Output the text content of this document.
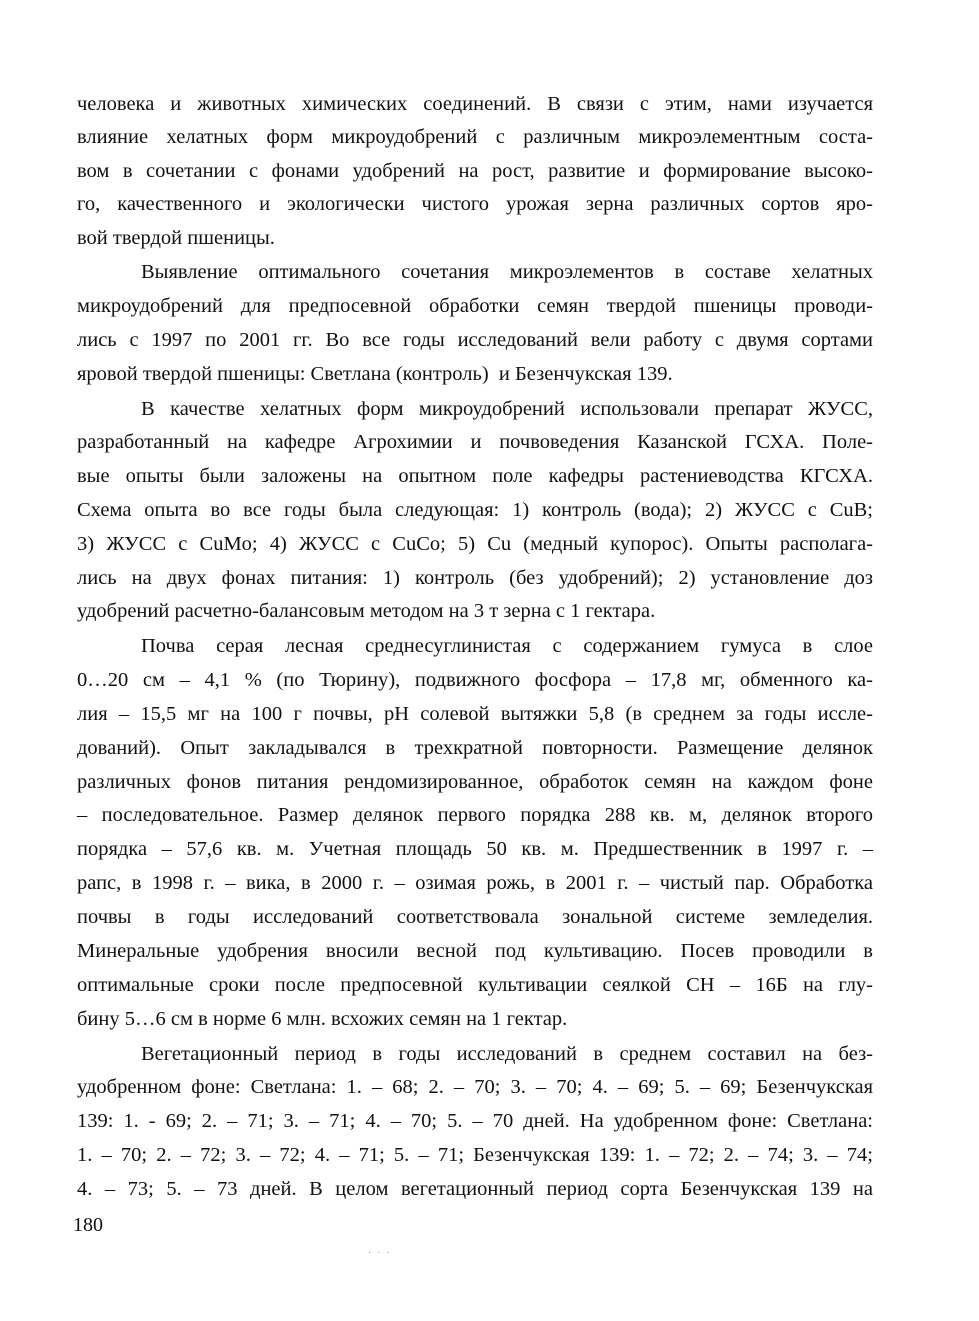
человека и животных химических соединений. В связи с этим, нами изучается

влияние хелатных форм микроудобрений с различным микроэлементным соста-

вом в сочетании с фонами удобрений на рост, развитие и формирование высоко-

го, качественного и экологически чистого урожая зерна различных сортов яро-

вой твердой пшеницы.

Выявление оптимального сочетания микроэлементов в составе хелатных

микроудобрений для предпосевной обработки семян твердой пшеницы проводи-

лись с 1997 по 2001 гг. Во все годы исследований вели работу с двумя сортами

яровой твердой пшеницы: Светлана (контроль)  и Безенчукская 139.

В качестве хелатных форм микроудобрений использовали препарат ЖУСС,

разработанный на кафедре Агрохимии и почвоведения Казанской ГСХА. Поле-

вые опыты были заложены на опытном поле кафедры растениеводства КГСХА.

Схема опыта во все годы была следующая: 1) контроль (вода); 2) ЖУСС с CuB;

3) ЖУСС с CuMo; 4) ЖУСС с CuCo; 5) Cu (медный купорос). Опыты располага-

лись на двух фонах питания: 1) контроль (без удобрений); 2) установление доз

удобрений расчетно-балансовым методом на 3 т зерна с 1 гектара.

Почва серая лесная среднесуглинистая с содержанием гумуса в слое

0…20 см – 4,1 % (по Тюрину), подвижного фосфора – 17,8 мг, обменного ка-

лия – 15,5 мг на 100 г почвы, pH солевой вытяжки 5,8 (в среднем за годы иссле-

дований). Опыт закладывался в трехкратной повторности. Размещение делянок

различных фонов питания рендомизированное, обработок семян на каждом фоне

– последовательное. Размер делянок первого порядка 288 кв. м, делянок второго

порядка – 57,6 кв. м. Учетная площадь 50 кв. м. Предшественник в 1997 г. –

рапс, в 1998 г. – вика, в 2000 г. – озимая рожь, в 2001 г. – чистый пар. Обработка

почвы в годы исследований соответствовала зональной системе земледелия.

Минеральные удобрения вносили весной под культивацию. Посев проводили в

оптимальные сроки после предпосевной культивации сеялкой СН – 16Б на глу-

бину 5…6 см в норме 6 млн. всхожих семян на 1 гектар.

Вегетационный период в годы исследований в среднем составил на без-

удобренном фоне: Светлана: 1. – 68; 2. – 70; 3. – 70; 4. – 69; 5. – 69; Безенчукская

139: 1. - 69; 2. – 71; 3. – 71; 4. – 70; 5. – 70 дней. На удобренном фоне: Светлана:

1. – 70; 2. – 72; 3. – 72; 4. – 71; 5. – 71; Безенчукская 139: 1. – 72; 2. – 74; 3. – 74;

4. – 73; 5. – 73 дней. В целом вегетационный период сорта Безенчукская 139 на

180

...
